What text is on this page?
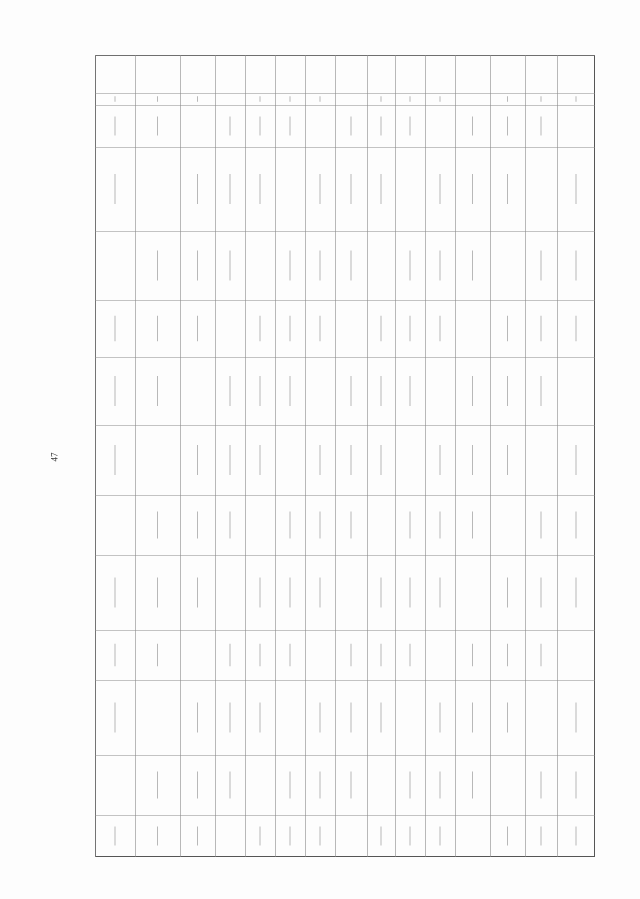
47
